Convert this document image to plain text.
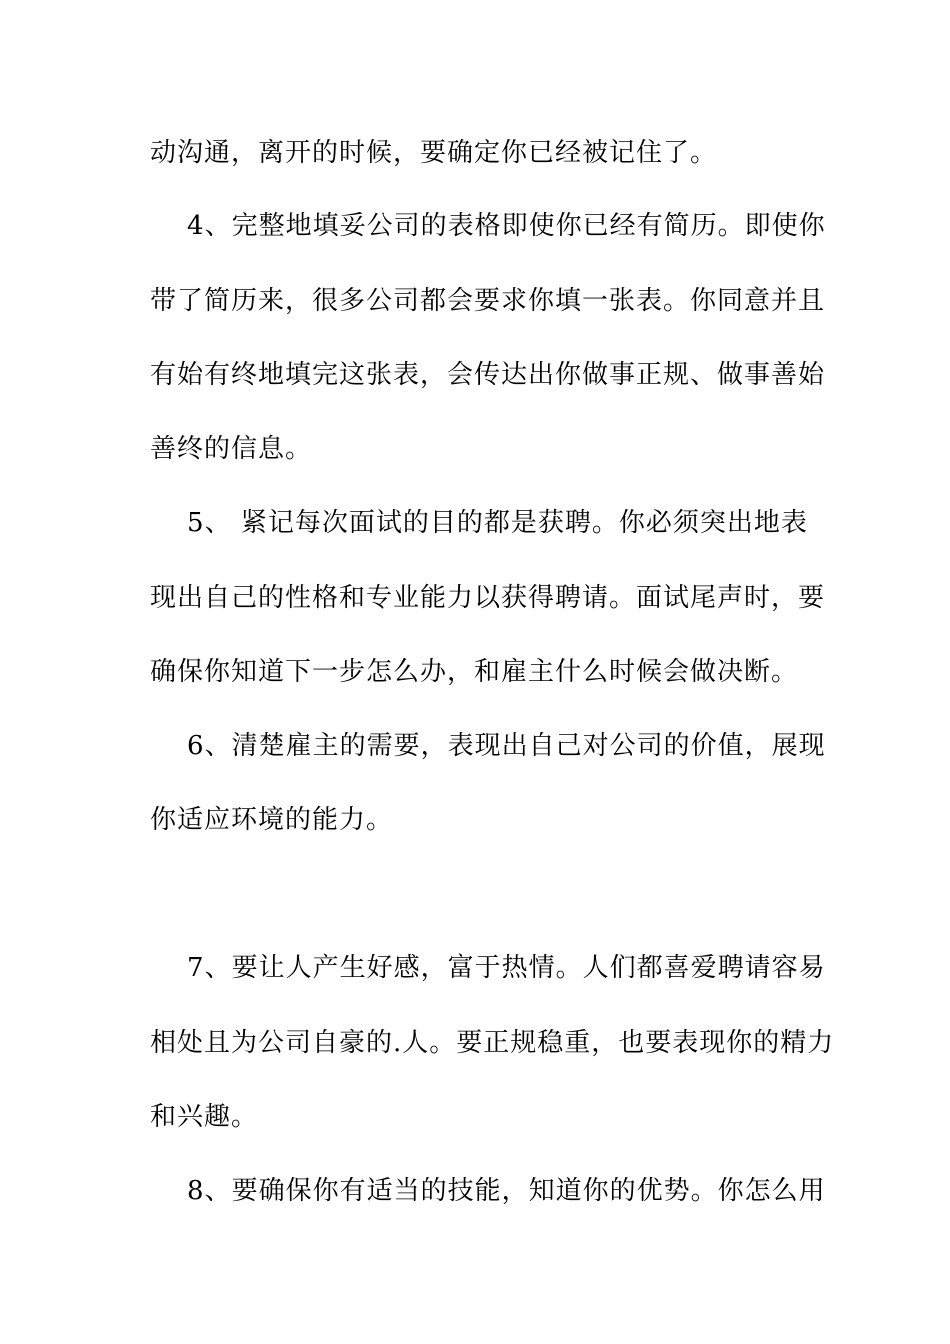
动沟通，离开的时候，要确定你已经被记住了。
4、完整地填妥公司的表格即使你已经有简历。即使你
带了简历来，很多公司都会要求你填一张表。你同意并且
有始有终地填完这张表，会传达出你做事正规、做事善始
善终的信息。
5、 紧记每次面试的目的都是获聘。你必须突出地表
现出自己的性格和专业能力以获得聘请。面试尾声时，要
确保你知道下一步怎么办，和雇主什么时候会做决断。
6、清楚雇主的需要，表现出自己对公司的价值，展现
你适应环境的能力。
7、要让人产生好感，富于热情。人们都喜爱聘请容易
相处且为公司自豪的.人。要正规稳重，也要表现你的精力
和兴趣。
8、要确保你有适当的技能，知道你的优势。你怎么用
